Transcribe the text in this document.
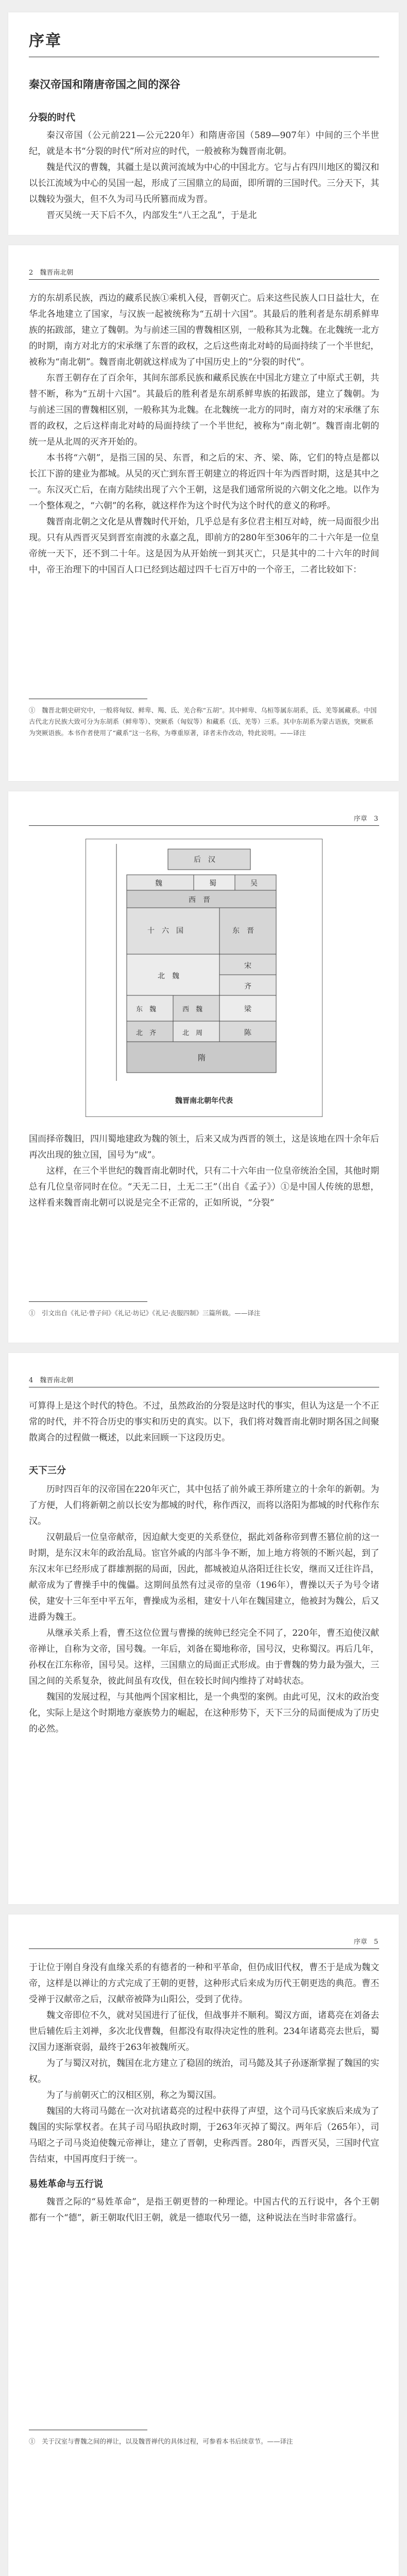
序章
秦汉帝国和隋唐帝国之间的深谷
分裂的时代

秦汉帝国（公元前221—公元220年）和隋唐帝国（589—907年）中间的三个半世纪，就是本书“分裂的时代”所对应的时代，一般被称为魏晋南北朝。

魏是代汉的曹魏，其疆土是以黄河流域为中心的中国北方。它与占有四川地区的蜀汉和以长江流域为中心的吴国一起，形成了三国鼎立的局面，即所谓的三国时代。三分天下，其以魏较为强大，但不久为司马氏所篡而成为晋。

晋灭吴统一天下后不久，内部发生“八王之乱”，于是北

2　魏晋南北朝

方的东胡系民族，西边的藏系民族①乘机入侵，晋朝灭亡。后来这些民族人口日益壮大，在华北各地建立了国家，与汉族一起被统称为“五胡十六国”。其最后的胜利者是东胡系鲜卑族的拓跋部，建立了魏朝。为与前述三国的曹魏相区别，一般称其为北魏。在北魏统一北方的时期，南方对北方的宋承继了东晋的政权，之后这些南北对峙的局面持续了一个半世纪，被称为“南北朝”。魏晋南北朝就这样成为了中国历史上的“分裂的时代”。

东晋王朝存在了百余年，其间东部系民族和藏系民族在中国北方建立了中原式王朝，共替不断，称为“五胡十六国”。其最后的胜利者是东胡系鲜卑族的拓跋部，建立了魏朝。为与前述三国的曹魏相区别，一般称其为北魏。在北魏统一北方的同时，南方对的宋承继了东晋的政权，之后这样南北对峙的局面持续了一个半世纪，被称为“南北朝”。魏晋南北朝的统一是从北周的灭齐开始的。

本书将“六朝”，是指三国的吴、东晋，和之后的宋、齐、梁、陈，它们的特点是都以长江下游的建业为都城。从吴的灭亡到东晋王朝建立的将近四十年为西晋时期，这是其中之一。东汉灭亡后，在南方陆续出现了六个王朝，这是我们通常所说的六朝文化之地。以作为一个整体观之，“六朝”的名称，就这样作为这个时代为这个时代的意义的称呼。

魏晋南北朝之文化是从曹魏时代开始，几乎总是有多位君主相互对峙，统一局面很少出现。只有从西晋灭吴到晋室南渡的永嘉之乱，即前方的280年至306年的二十六年是一位皇帝统一天下，还不到二十年。这是因为从开始统一到其灭亡，只是其中的二十六年的时间中，帝王治理下的中国百人口已经到达超过四千七百万中的一个帝王，二者比较如下：

①　魏晋北朝史研究中，一般将匈奴、鲜卑、羯、氐、羌合称“五胡”。其中鲜卑、乌桓等属东胡系，氐、羌等属藏系。中国古代北方民族大致可分为东胡系（鲜卑等）、突厥系（匈奴等）和藏系（氐、羌等）三系。其中东胡系为蒙古语族，突厥系为突厥语族。本书作者使用了“藏系”这一名称，为尊重原著，译者未作改动，特此说明。——译注
序章　3
后　汉
魏	蜀	吴
西　晋
十　六　国	东　晋
北　魏
宋
齐
东　魏	西　魏	梁
北　齐	北　周	陈
隋
魏晋南北朝年代表

国而择帝魏旧，四川蜀地建政为魏的领土，后来又成为西晋的领土，这是该地在四十余年后再次出现的独立国，国号为“成”。

这样，在三个半世纪的魏晋南北朝时代，只有二十六年由一位皇帝统治全国，其他时期总有几位皇帝同时在位。“天无二日，土无二王”（出自《孟子》）①是中国人传统的思想，这样看来魏晋南北朝可以说是完全不正常的，正如所说，“分裂”

①　引文出自《礼记·曾子问》《礼记·坊记》《礼记·丧服四制》三篇所载。——译注
4　魏晋南北朝

可算得上是这个时代的特色。不过，虽然政治的分裂是这时代的事实，但认为这是一个不正常的时代，并不符合历史的事实和历史的真实。以下，我们将对魏晋南北朝时期各国之间聚散离合的过程做一概述，以此来回顾一下这段历史。

天下三分

历时四百年的汉帝国在220年灭亡，其中包括了前外戚王莽所建立的十余年的新朝。为了方便，人们将新朝之前以长安为都城的时代，称作西汉，而将以洛阳为都城的时代称作东汉。

汉朝最后一位皇帝献帝，因迫献大变更的关系登位，据此刘备称帝到曹丕篡位前的这一时期，是东汉末年的政治乱局。宦官外戚的内部斗争不断，加上地方将领的不断兴起，到了东汉末年已经形成了群雄割据的局面，因此，都城被迫从洛阳迁往长安，继而又迁往许昌，献帝成为了曹操手中的傀儡。这期间虽然有过灵帝的皇帝（196年），曹操以天子为号令诸侯，建安十三年至中平五年，曹操成为丞相，建安十八年在魏国建立，他被封为魏公，后又进爵为魏王。

从继承关系上看，曹丕这位位置与曹操的统帅已经完全不同了，220年，曹丕迫使汉献帝禅让，自称为文帝，国号魏。一年后，刘备在蜀地称帝，国号汉，史称蜀汉。再后几年，孙权在江东称帝，国号吴。这样，三国鼎立的局面正式形成。由于曹魏的势力最为强大，三国之间的关系复杂，彼此间虽有攻伐，但在较长时间内维持了对峙状态。

魏国的发展过程，与其他两个国家相比，是一个典型的案例。由此可见，汉末的政治变化，实际上是这个时期地方豪族势力的崛起，在这种形势下，天下三分的局面便成为了历史的必然。

序章　5

于让位于刚自身没有血缘关系的有德者的一种和平革命，但仍成旧代权，曹丕于是成为魏文帝，这样是以禅让的方式完成了王朝的更替，这种形式后来成为历代王朝更迭的典范。曹丕受禅于汉献帝之后，汉献帝被降为山阳公，受到了优待。

魏文帝即位不久，就对吴国进行了征伐，但战事并不顺利。蜀汉方面，诸葛亮在刘备去世后辅佐后主刘禅，多次北伐曹魏，但都没有取得决定性的胜利。234年诸葛亮去世后，蜀汉国力逐渐衰弱，最终于263年被魏所灭。

为了与蜀汉对抗，魏国在北方建立了稳固的统治，司马懿及其子孙逐渐掌握了魏国的实权。

为了与前朝灭亡的汉相区别，称之为蜀汉国。

魏国的大将司马懿在一次对抗诸葛亮的过程中获得了声望，这个司马氏家族后来成为了魏国的实际掌权者。在其子司马昭执政时期，于263年灭掉了蜀汉。两年后（265年），司马昭之子司马炎迫使魏元帝禅让，建立了晋朝，史称西晋。280年，西晋灭吴，三国时代宣告结束，中国再度归于统一。

易姓革命与五行说

魏晋之际的“易姓革命”，是指王朝更替的一种理论。中国古代的五行说中，各个王朝都有一个“德”，新王朝取代旧王朝，就是一德取代另一德，这种说法在当时非常盛行。

①　关于汉室与曹魏之间的禅让，以及魏晋禅代的具体过程，可参看本书后续章节。——译注
